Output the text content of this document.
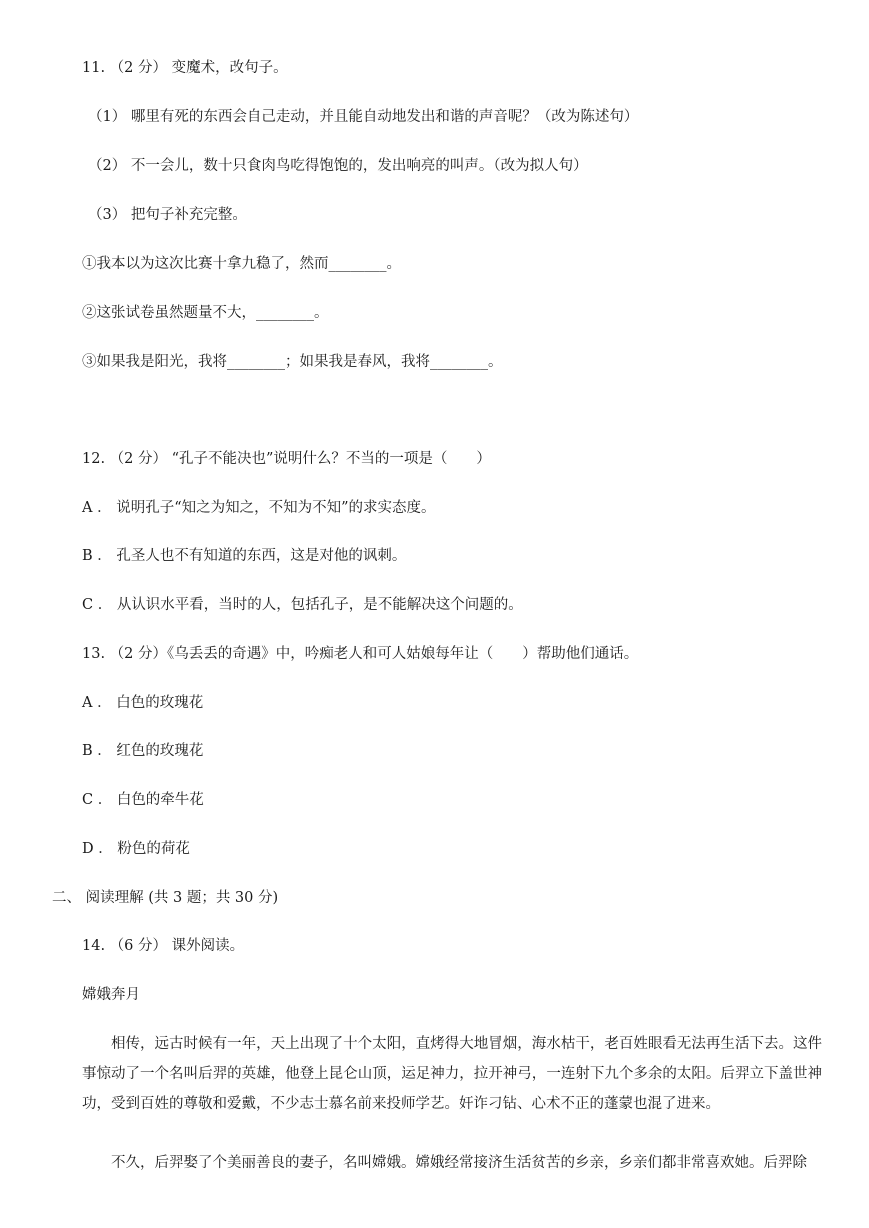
11. （2 分） 变魔术，改句子。
（1） 哪里有死的东西会自己走动，并且能自动地发出和谐的声音呢？（改为陈述句）
（2） 不一会儿，数十只食肉鸟吃得饱饱的，发出响亮的叫声。（改为拟人句）
（3） 把句子补充完整。
①我本以为这次比赛十拿九稳了，然而________。
②这张试卷虽然题量不大，________。
③如果我是阳光，我将________；如果我是春风，我将________。
12. （2 分） “孔子不能决也”说明什么？不当的一项是（　　）
A ． 说明孔子“知之为知之，不知为不知”的求实态度。
B ． 孔圣人也不有知道的东西，这是对他的讽刺。
C ． 从认识水平看，当时的人，包括孔子，是不能解决这个问题的。
13. （2 分）《乌丢丢的奇遇》中，吟痴老人和可人姑娘每年让（　　）帮助他们通话。
A ． 白色的玫瑰花
B ． 红色的玫瑰花
C ． 白色的牵牛花
D ． 粉色的荷花
二、 阅读理解 (共 3 题；共 30 分)
14. （6 分） 课外阅读。
嫦娥奔月
相传，远古时候有一年，天上出现了十个太阳，直烤得大地冒烟，海水枯干，老百姓眼看无法再生活下去。这件事惊动了一个名叫后羿的英雄，他登上昆仑山顶，运足神力，拉开神弓，一连射下九个多余的太阳。后羿立下盖世神功，受到百姓的尊敬和爱戴，不少志士慕名前来投师学艺。奸诈刁钻、心术不正的蓬蒙也混了进来。
不久，后羿娶了个美丽善良的妻子，名叫嫦娥。嫦娥经常接济生活贫苦的乡亲，乡亲们都非常喜欢她。后羿除
